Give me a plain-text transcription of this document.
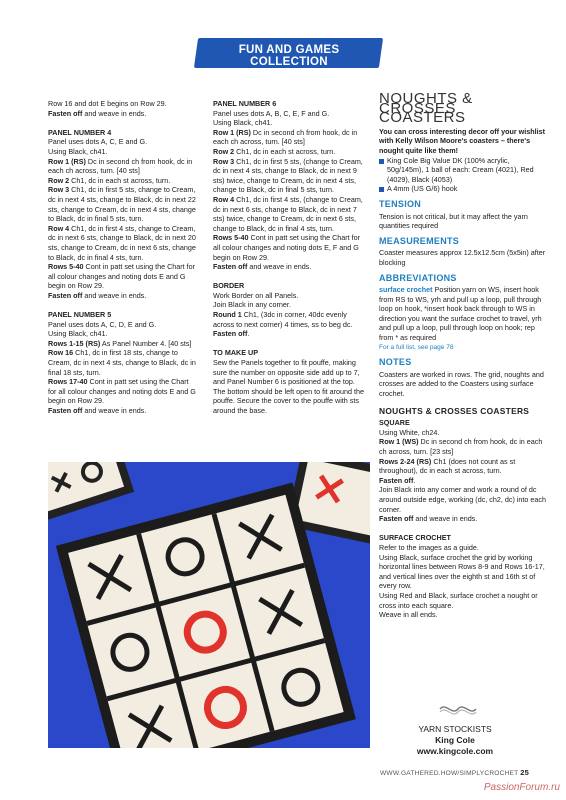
FUN AND GAMES COLLECTION

Row 16 and dot E begins on Row 29.

Fasten off and weave in ends.

PANEL NUMBER 4

Panel uses dots A, C, E and G.

Using Black, ch41.

Row 1 (RS) Dc in second ch from hook, dc in each ch across, turn. [40 sts]

Row 2 Ch1, dc in each st across, turn.

Row 3 Ch1, dc in first 5 sts, change to Cream, dc in next 4 sts, change to Black, dc in next 22 sts, change to Cream, dc in next 4 sts, change to Black, dc in final 5 sts, turn.

Row 4 Ch1, dc in first 4 sts, change to Cream, dc in next 6 sts, change to Black, dc in next 20 sts, change to Cream, dc in next 6 sts, change to Black, dc in final 4 sts, turn.

Rows 5-40 Cont in patt set using the Chart for all colour changes and noting dots E and G begin on Row 29.

Fasten off and weave in ends.

PANEL NUMBER 5

Panel uses dots A, C, D, E and G.

Using Black, ch41.

Rows 1-15 (RS) As Panel Number 4. [40 sts]

Row 16 Ch1, dc in first 18 sts, change to Cream, dc in next 4 sts, change to Black, dc in final 18 sts, turn.

Rows 17-40 Cont in patt set using the Chart for all colour changes and noting dots E and G begin on Row 29.

Fasten off and weave in ends.

PANEL NUMBER 6

Panel uses dots A, B, C, E, F and G.

Using Black, ch41.

Row 1 (RS) Dc in second ch from hook, dc in each ch across, turn. [40 sts]

Row 2 Ch1, dc in each st across, turn.

Row 3 Ch1, dc in first 5 sts, (change to Cream, dc in next 4 sts, change to Black, dc in next 9 sts) twice, change to Cream, dc in next 4 sts, change to Black, dc in final 5 sts, turn.

Row 4 Ch1, dc in first 4 sts, (change to Cream, dc in next 6 sts, change to Black, dc in next 7 sts) twice, change to Cream, dc in next 6 sts, change to Black, dc in final 4 sts, turn.

Rows 5-40 Cont in patt set using the Chart for all colour changes and noting dots E, F and G begin on Row 29.

Fasten off and weave in ends.

BORDER

Work Border on all Panels.

Join Black in any corner.

Round 1 Ch1, (3dc in corner, 40dc evenly across to next corner) 4 times, ss to beg dc.

Fasten off.

TO MAKE UP

Sew the Panels together to fit pouffe, making sure the number on opposite side add up to 7, and Panel Number 6 is positioned at the top. The bottom should be left open to fit around the pouffe. Secure the cover to the pouffe with sts around the base.

NOUGHTS & CROSSES COASTERS

You can cross interesting decor off your wishlist with Kelly Wilson Moore's coasters – there's nought quite like them!

King Cole Big Value DK (100% acrylic, 50g/145m), 1 ball of each: Cream (4021), Red (4029), Black (4053)

A 4mm (US G/6) hook

TENSION

Tension is not critical, but it may affect the yarn quantities required

MEASUREMENTS

Coaster measures approx 12.5x12.5cm (5x5in) after blocking

ABBREVIATIONS

surface crochet Position yarn on WS, insert hook from RS to WS, yrh and pull up a loop, pull through loop on hook, *insert hook back through to WS in direction you want the surface crochet to travel, yrh and pull up a loop, pull through loop on hook; rep from * as required

For a full list, see page 78

NOTES

Coasters are worked in rows. The grid, noughts and crosses are added to the Coasters using surface crochet.

NOUGHTS & CROSSES COASTERS

SQUARE

Using White, ch24.

Row 1 (WS) Dc in second ch from hook, dc in each ch across, turn. [23 sts]

Rows 2-24 (RS) Ch1 (does not count as st throughout), dc in each st across, turn.

Fasten off.

Join Black into any corner and work a round of dc around outside edge, working (dc, ch2, dc) into each corner.

Fasten off and weave in ends.

SURFACE CROCHET

Refer to the images as a guide.

Using Black, surface crochet the grid by working horizontal lines between Rows 8-9 and Rows 16-17, and vertical lines over the eighth st and 16th st of every row.

Using Red and Black, surface crochet a nought or cross into each square.

Weave in all ends.

YARN STOCKISTS
King Cole
www.kingcole.com
WWW.GATHERED.HOW/SIMPLYCROCHET 25
PassionForum.ru
